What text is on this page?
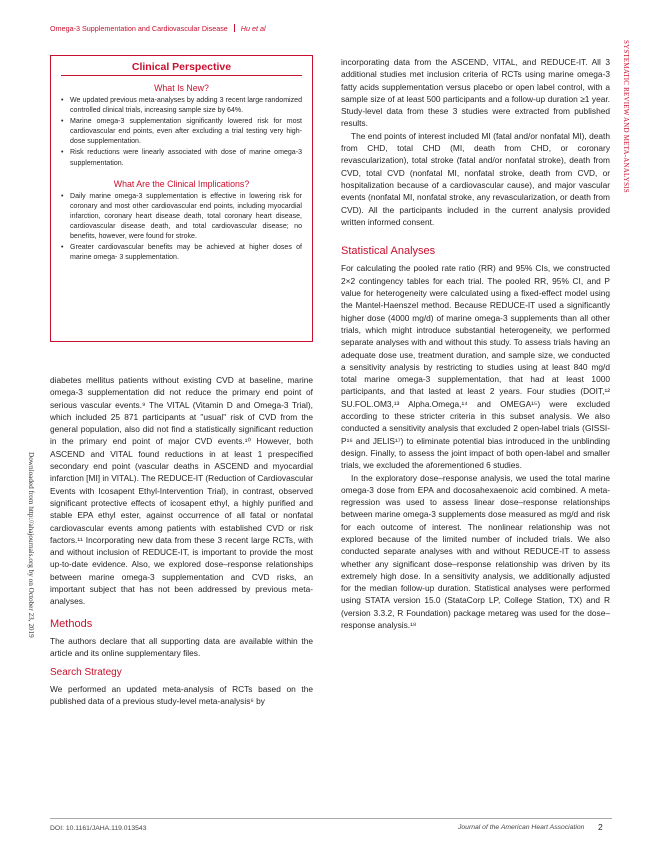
Omega-3 Supplementation and Cardiovascular Disease Hu et al
SYSTEMATIC REVIEW AND META-ANALYSIS
Downloaded from http://ahajournals.org by on October 23, 2019
Clinical Perspective
What Is New?
• We updated previous meta-analyses by adding 3 recent large randomized controlled clinical trials, increasing sample size by 64%.
• Marine omega-3 supplementation significantly lowered risk for most cardiovascular end points, even after excluding a trial testing very high-dose supplementation.
• Risk reductions were linearly associated with dose of marine omega-3 supplementation.
What Are the Clinical Implications?
• Daily marine omega-3 supplementation is effective in lowering risk for coronary and most other cardiovascular end points, including myocardial infarction, coronary heart disease death, total coronary heart disease, cardiovascular disease death, and total cardiovascular disease; no benefits, however, were found for stroke.
• Greater cardiovascular benefits may be achieved at higher doses of marine omega- 3 supplementation.

diabetes mellitus patients without existing CVD at baseline, marine omega-3 supplementation did not reduce the primary end point of serious vascular events.⁹ The VITAL (Vitamin D and Omega-3 Trial), which included 25 871 participants at "usual" risk of CVD from the general population, also did not find a statistically significant reduction in the primary end point of major CVD events.¹⁰ However, both ASCEND and VITAL found reductions in at least 1 prespecified secondary end point (vascular deaths in ASCEND and myocardial infarction [MI] in VITAL). The REDUCE-IT (Reduction of Cardiovascular Events with Icosapent Ethyl-Intervention Trial), in contrast, observed significant protective effects of icosapent ethyl, a highly purified and stable EPA ethyl ester, against occurrence of all fatal or nonfatal cardiovascular events among patients with established CVD or risk factors.¹¹ Incorporating new data from these 3 recent large RCTs, with and without inclusion of REDUCE-IT, is important to provide the most up-to-date evidence. Also, we explored dose–response relationships between marine omega-3 supplementation and CVD risks, an important subject that has not been addressed by previous meta-analyses.

Methods

The authors declare that all supporting data are available within the article and its online supplementary files.

Search Strategy

We performed an updated meta-analysis of RCTs based on the published data of a previous study-level meta-analysis⁶ by

incorporating data from the ASCEND, VITAL, and REDUCE-IT. All 3 additional studies met inclusion criteria of RCTs using marine omega-3 fatty acids supplementation versus placebo or open label control, with a sample size of at least 500 participants and a follow-up duration ≥1 year. Study-level data from these 3 studies were extracted from published results.

The end points of interest included MI (fatal and/or nonfatal MI), death from CHD, total CHD (MI, death from CHD, or coronary revascularization), total stroke (fatal and/or nonfatal stroke), death from CVD, total CVD (nonfatal MI, nonfatal stroke, death from CVD, or hospitalization because of a cardiovascular cause), and major vascular events (nonfatal MI, nonfatal stroke, any revascularization, or death from CVD). All the participants included in the current analysis provided written informed consent.

Statistical Analyses

For calculating the pooled rate ratio (RR) and 95% CIs, we constructed 2×2 contingency tables for each trial. The pooled RR, 95% CI, and P value for heterogeneity were calculated using a fixed-effect model using the Mantel-Haenszel method. Because REDUCE-IT used a significantly higher dose (4000 mg/d) of marine omega-3 supplements than all other trials, which might introduce substantial heterogeneity, we performed separate analyses with and without this study. To assess trials having an adequate dose use, treatment duration, and sample size, we conducted a sensitivity analysis by restricting to studies using at least 840 mg/d total marine omega-3 supplementation, that had at least 1000 participants, and that lasted at least 2 years. Four studies (DOIT,¹² SU.FOL.OM3,¹³ Alpha.Omega,¹⁴ and OMEGA¹⁵) were excluded according to these stricter criteria in this subset analysis. We also conducted a sensitivity analysis that excluded 2 open-label trials (GISSI-P¹⁶ and JELIS¹⁷) to eliminate potential bias introduced in the unblinding design. Finally, to assess the joint impact of both open-label and smaller trials, we excluded the aforementioned 6 studies.

In the exploratory dose–response analysis, we used the total marine omega-3 dose from EPA and docosahexaenoic acid combined. A meta-regression was used to assess linear dose–response relationships between marine omega-3 supplements dose measured as mg/d and risk for each outcome of interest. The nonlinear relationship was not explored because of the limited number of included trials. We also conducted separate analyses with and without REDUCE-IT to assess whether any significant dose–response relationship was driven by its extremely high dose. In a sensitivity analysis, we additionally adjusted for the median follow-up duration. Statistical analyses were performed using STATA version 15.0 (StataCorp LP, College Station, TX) and R (version 3.3.2, R Foundation) package metareg was used for the dose–response analysis.¹⁸

DOI: 10.1161/JAHA.119.013543	Journal of the American Heart Association 2
